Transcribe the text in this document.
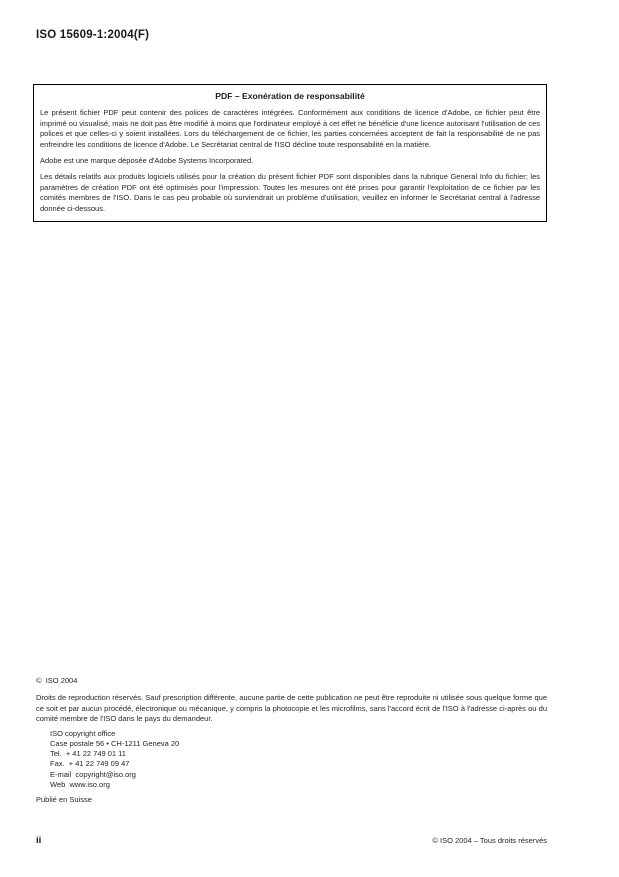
ISO 15609-1:2004(F)
PDF – Exonération de responsabilité

Le présent fichier PDF peut contenir des polices de caractères intégrées. Conformément aux conditions de licence d'Adobe, ce fichier peut être imprimé ou visualisé, mais ne doit pas être modifié à moins que l'ordinateur employé à cet effet ne bénéficie d'une licence autorisant l'utilisation de ces polices et que celles-ci y soient installées. Lors du téléchargement de ce fichier, les parties concernées acceptent de fait la responsabilité de ne pas enfreindre les conditions de licence d'Adobe. Le Secrétariat central de l'ISO décline toute responsabilité en la matière.

Adobe est une marque déposée d'Adobe Systems Incorporated.

Les détails relatifs aux produits logiciels utilisés pour la création du présent fichier PDF sont disponibles dans la rubrique General Info du fichier; les paramètres de création PDF ont été optimisés pour l'impression. Toutes les mesures ont été prises pour garantir l'exploitation de ce fichier par les comités membres de l'ISO. Dans le cas peu probable où surviendrait un problème d'utilisation, veuillez en informer le Secrétariat central à l'adresse donnée ci-dessous.

©  ISO 2004
Droits de reproduction réservés. Sauf prescription différente, aucune partie de cette publication ne peut être reproduite ni utilisée sous quelque forme que ce soit et par aucun procédé, électronique ou mécanique, y compris la photocopie et les microfilms, sans l'accord écrit de l'ISO à l'adresse ci-après ou du comité membre de l'ISO dans le pays du demandeur.
ISO copyright office
Case postale 56 • CH-1211 Geneva 20
Tel.  + 41 22 749 01 11
Fax.  + 41 22 749 09 47
E-mail  copyright@iso.org
Web  www.iso.org
Publié en Suisse
ii	© ISO 2004 – Tous droits réservés
